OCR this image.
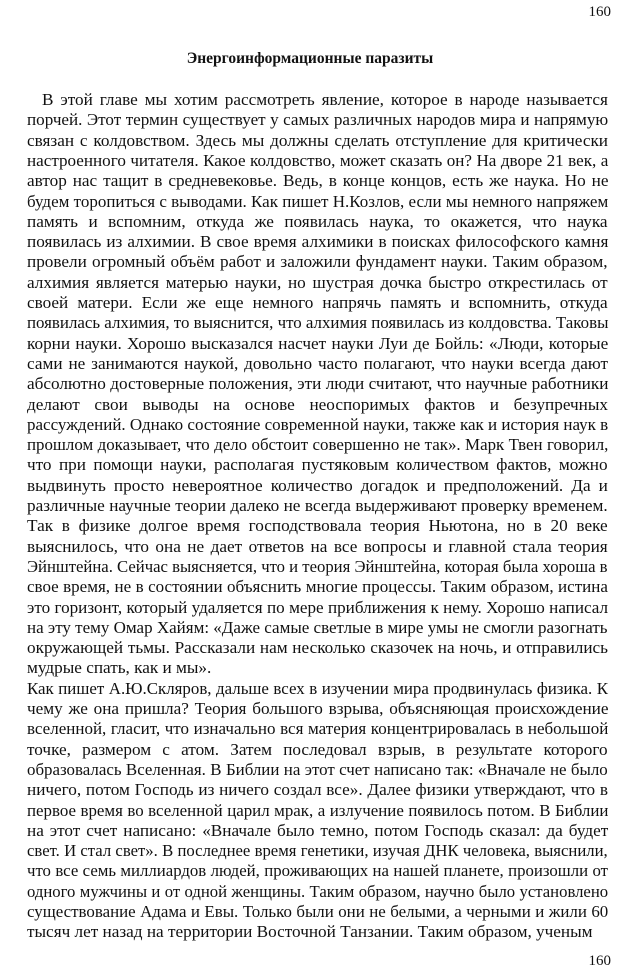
160
Энергоинформационные паразиты
В этой главе мы хотим рассмотреть явление, которое в народе называется
порчей. Этот термин существует у самых различных народов мира и напрямую
связан с колдовством. Здесь мы должны сделать отступление для критически
настроенного читателя. Какое колдовство, может сказать он? На дворе 21 век, а
автор нас тащит в средневековье. Ведь, в конце концов, есть же наука. Но не
будем торопиться с выводами. Как пишет Н.Козлов, если мы немного напряжем
память и вспомним, откуда же появилась наука, то окажется, что наука
появилась из алхимии. В свое время алхимики в поисках философского камня
провели огромный объём работ и заложили фундамент науки. Таким образом,
алхимия является матерью науки, но шустрая дочка быстро открестилась от
своей матери. Если же еще немного напрячь память и вспомнить, откуда
появилась алхимия, то выяснится, что алхимия появилась из колдовства. Таковы
корни науки. Хорошо высказался насчет науки Луи де Бойль: «Люди, которые
сами не занимаются наукой, довольно часто полагают, что науки всегда дают
абсолютно достоверные положения, эти люди считают, что научные работники
делают свои выводы на основе неоспоримых фактов и безупречных
рассуждений. Однако состояние современной науки, также как и история наук в
прошлом доказывает, что дело обстоит совершенно не так». Марк Твен говорил,
что при помощи науки, располагая пустяковым количеством фактов, можно
выдвинуть просто невероятное количество догадок и предположений. Да и
различные научные теории далеко не всегда выдерживают проверку временем.
Так в физике долгое время господствовала теория Ньютона, но в 20 веке
выяснилось, что она не дает ответов на все вопросы и главной стала теория
Эйнштейна. Сейчас выясняется, что и теория Эйнштейна, которая была хороша в
свое время, не в состоянии объяснить многие процессы. Таким образом, истина
это горизонт, который удаляется по мере приближения к нему. Хорошо написал
на эту тему Омар Хайям: «Даже самые светлые в мире умы не смогли разогнать
окружающей тьмы. Рассказали нам несколько сказочек на ночь, и отправились
мудрые спать, как и мы».
Как пишет А.Ю.Скляров, дальше всех в изучении мира продвинулась физика. К
чему же она пришла? Теория большого взрыва, объясняющая происхождение
вселенной, гласит, что изначально вся материя концентрировалась в небольшой
точке, размером с атом. Затем последовал взрыв, в результате которого
образовалась Вселенная. В Библии на этот счет написано так: «Вначале не было
ничего, потом Господь из ничего создал все». Далее физики утверждают, что в
первое время во вселенной царил мрак, а излучение появилось потом. В Библии
на этот счет написано: «Вначале было темно, потом Господь сказал: да будет
свет. И стал свет». В последнее время генетики, изучая ДНК человека, выяснили,
что все семь миллиардов людей, проживающих на нашей планете, произошли от
одного мужчины и от одной женщины. Таким образом, научно было установлено
существование Адама и Евы. Только были они не белыми, а черными и жили 60
тысяч лет назад на территории Восточной Танзании. Таким образом, ученым
160
